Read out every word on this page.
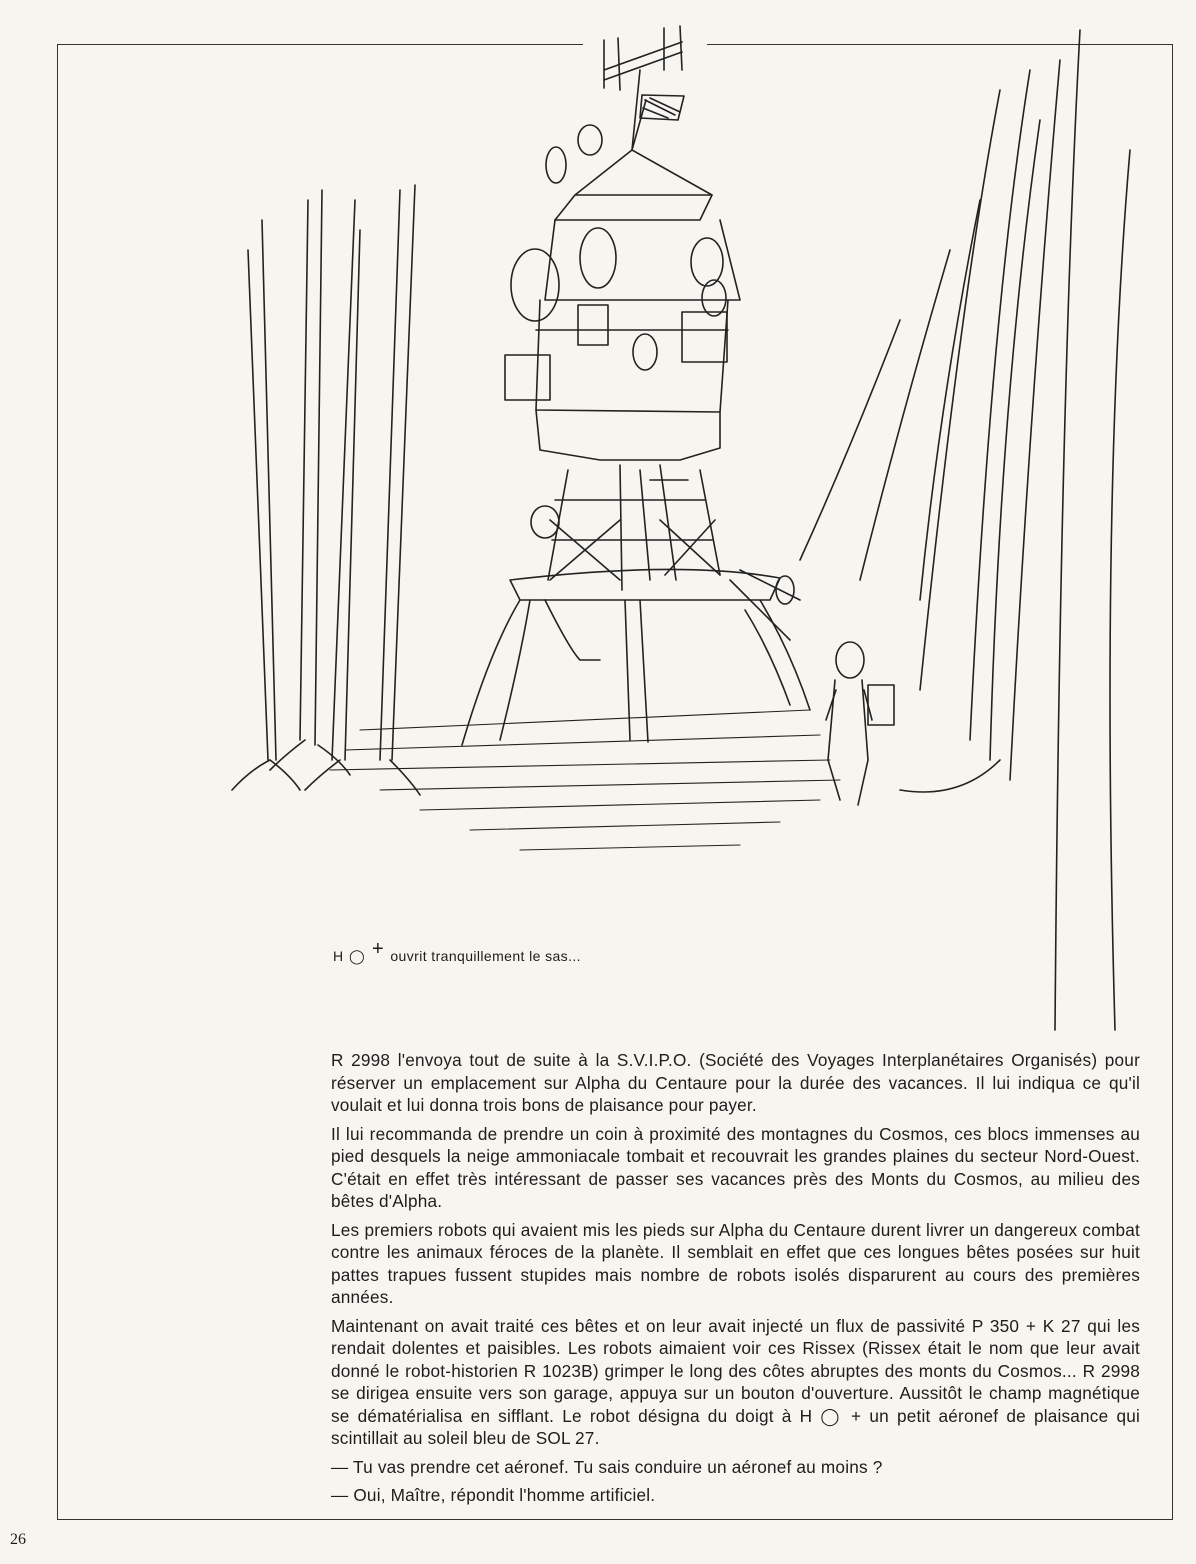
H ◯ + ouvrit tranquillement le sas...

R 2998 l'envoya tout de suite à la S.V.I.P.O. (Société des Voyages Interplanétaires Organisés) pour réserver un emplacement sur Alpha du Centaure pour la durée des vacances. Il lui indiqua ce qu'il voulait et lui donna trois bons de plaisance pour payer.

Il lui recommanda de prendre un coin à proximité des montagnes du Cosmos, ces blocs immenses au pied desquels la neige ammoniacale tombait et recouvrait les grandes plaines du secteur Nord-Ouest. C'était en effet très intéressant de passer ses vacances près des Monts du Cosmos, au milieu des bêtes d'Alpha.

Les premiers robots qui avaient mis les pieds sur Alpha du Centaure durent livrer un dangereux combat contre les animaux féroces de la planète. Il semblait en effet que ces longues bêtes posées sur huit pattes trapues fussent stupides mais nombre de robots isolés disparurent au cours des premières années.

Maintenant on avait traité ces bêtes et on leur avait injecté un flux de passivité P 350 + K 27 qui les rendait dolentes et paisibles. Les robots aimaient voir ces Rissex (Rissex était le nom que leur avait donné le robot-historien R 1023B) grimper le long des côtes abruptes des monts du Cosmos... R 2998 se dirigea ensuite vers son garage, appuya sur un bouton d'ouverture. Aussitôt le champ magnétique se dématérialisa en sifflant. Le robot désigna du doigt à H ◯ + un petit aéronef de plaisance qui scintillait au soleil bleu de SOL 27.

— Tu vas prendre cet aéronef. Tu sais conduire un aéronef au moins ?

— Oui, Maître, répondit l'homme artificiel.

26
